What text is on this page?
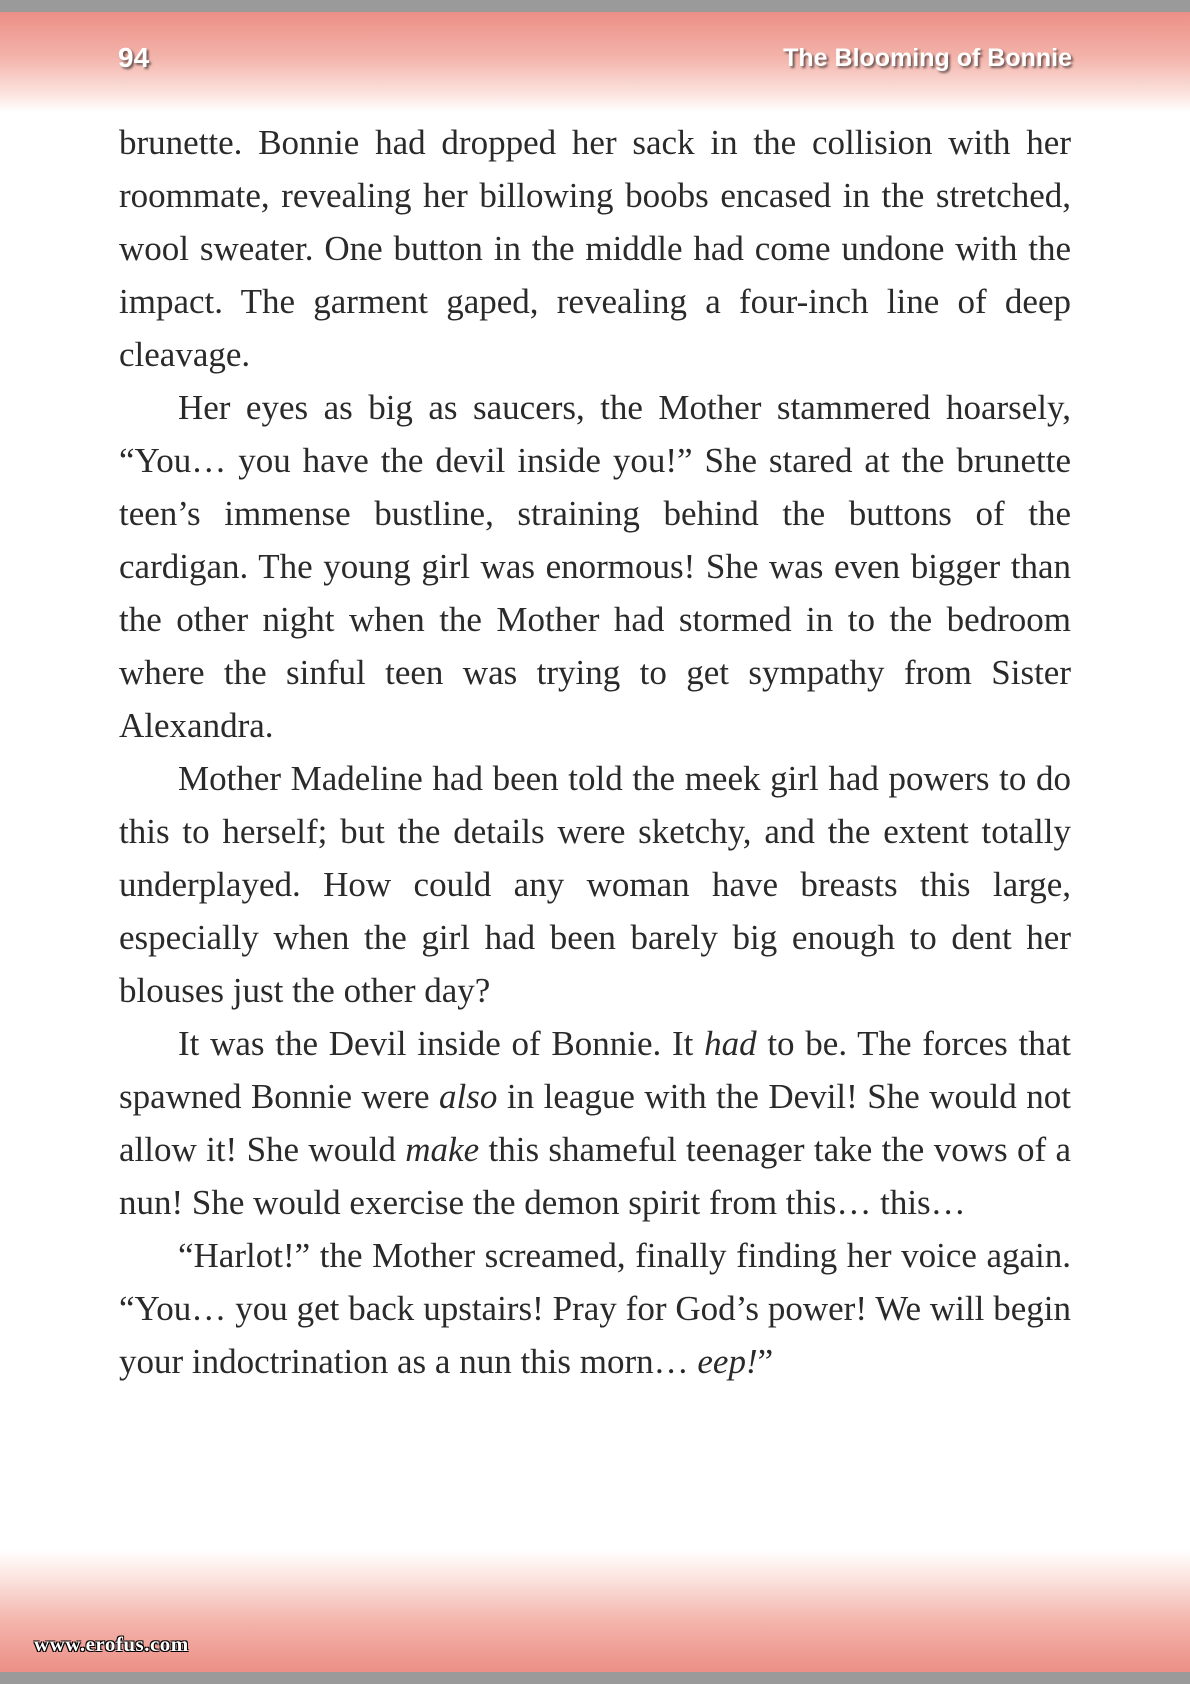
94	The Blooming of Bonnie

brunette. Bonnie had dropped her sack in the collision with her roommate, revealing her billowing boobs encased in the stretched, wool sweater. One button in the middle had come undone with the impact. The garment gaped, revealing a four-inch line of deep cleavage.

Her eyes as big as saucers, the Mother stammered hoarsely, “You… you have the devil inside you!” She stared at the brunette teen’s immense bustline, straining behind the buttons of the cardigan. The young girl was enormous! She was even bigger than the other night when the Mother had stormed in to the bedroom where the sinful teen was trying to get sympathy from Sister Alexandra.

Mother Madeline had been told the meek girl had powers to do this to herself; but the details were sketchy, and the extent totally underplayed. How could any woman have breasts this large, especially when the girl had been barely big enough to dent her blouses just the other day?

It was the Devil inside of Bonnie. It had to be. The forces that spawned Bonnie were also in league with the Devil! She would not allow it! She would make this shameful teenager take the vows of a nun! She would exercise the demon spirit from this… this…

“Harlot!” the Mother screamed, finally finding her voice again. “You… you get back upstairs! Pray for God’s power! We will begin your indoctrination as a nun this morn… eep!”

www.erofus.com
